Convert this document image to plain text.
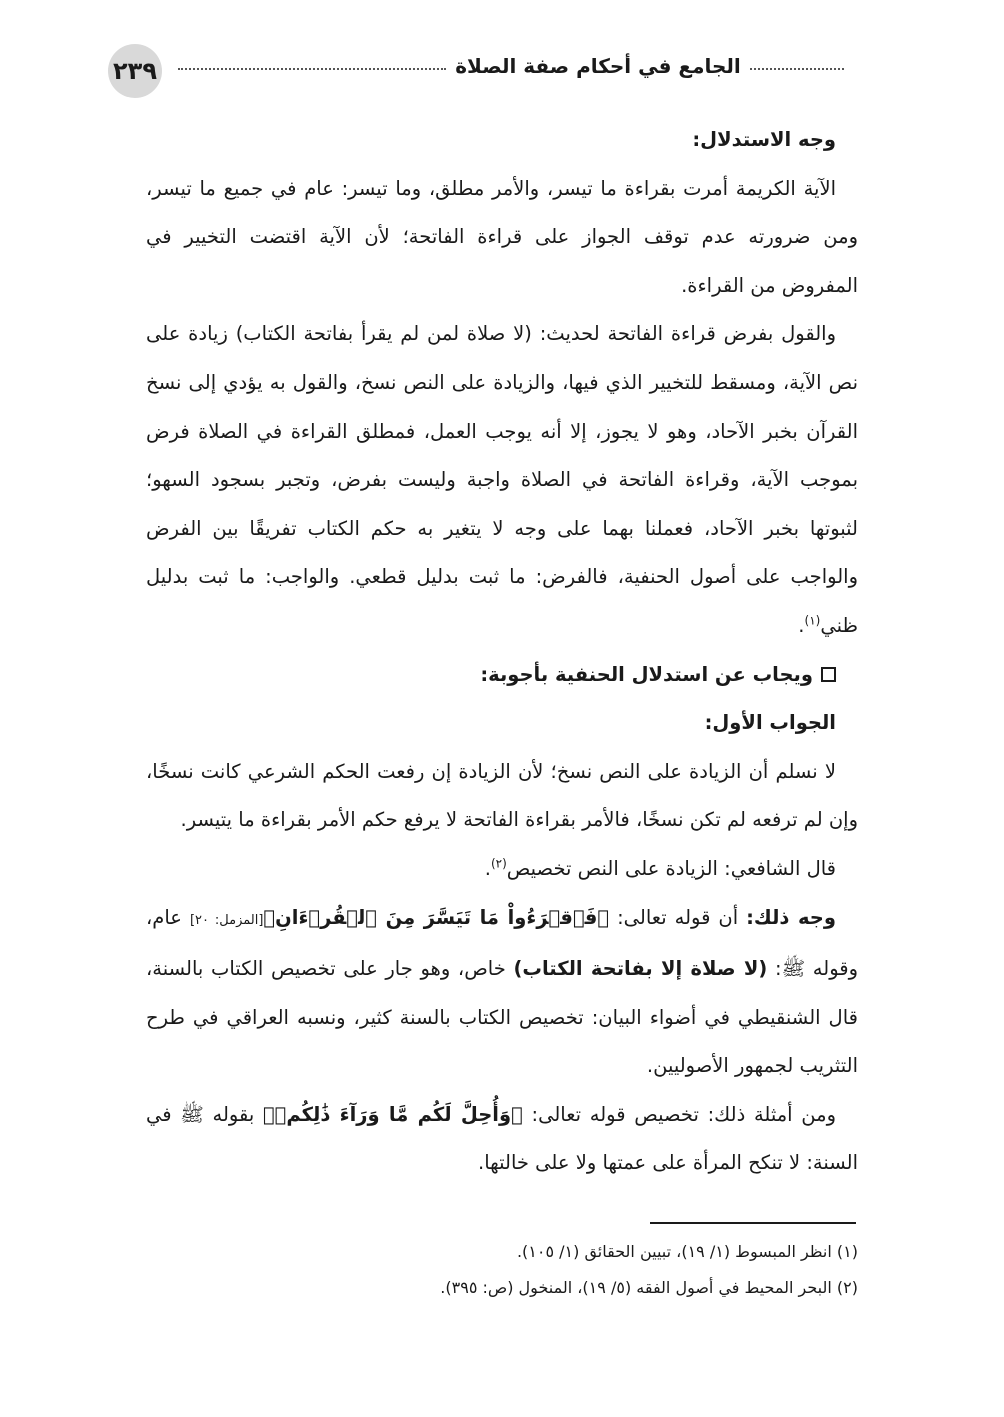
٢٣٩	الجامع في أحكام صفة الصلاة

وجه الاستدلال:

الآية الكريمة أمرت بقراءة ما تيسر، والأمر مطلق، وما تيسر: عام في جميع ما تيسر، ومن ضرورته عدم توقف الجواز على قراءة الفاتحة؛ لأن الآية اقتضت التخيير في المفروض من القراءة.

والقول بفرض قراءة الفاتحة لحديث: (لا صلاة لمن لم يقرأ بفاتحة الكتاب) زيادة على نص الآية، ومسقط للتخيير الذي فيها، والزيادة على النص نسخ، والقول به يؤدي إلى نسخ القرآن بخبر الآحاد، وهو لا يجوز، إلا أنه يوجب العمل، فمطلق القراءة في الصلاة فرض بموجب الآية، وقراءة الفاتحة في الصلاة واجبة وليست بفرض، وتجبر بسجود السهو؛ لثبوتها بخبر الآحاد، فعملنا بهما على وجه لا يتغير به حكم الكتاب تفريقًا بين الفرض والواجب على أصول الحنفية، فالفرض: ما ثبت بدليل قطعي. والواجب: ما ثبت بدليل ظني$^{(١)}$.

ويجاب عن استدلال الحنفية بأجوبة:

الجواب الأول:

لا نسلم أن الزيادة على النص نسخ؛ لأن الزيادة إن رفعت الحكم الشرعي كانت نسخًا، وإن لم ترفعه لم تكن نسخًا، فالأمر بقراءة الفاتحة لا يرفع حكم الأمر بقراءة ما يتيسر.

قال الشافعي: الزيادة على النص تخصيص$^{(٢)}$.

وجه ذلك: أن قوله تعالى: ﴿فَٱقۡرَءُواْ مَا تَيَسَّرَ مِنَ ٱلۡقُرۡءَانِ﴾[المزمل: ٢٠] عام، وقوله ﷺ: (لا صلاة إلا بفاتحة الكتاب) خاص، وهو جار على تخصيص الكتاب بالسنة، قال الشنقيطي في أضواء البيان: تخصيص الكتاب بالسنة كثير، ونسبه العراقي في طرح التثريب لجمهور الأصوليين.

ومن أمثلة ذلك: تخصيص قوله تعالى: ﴿وَأُحِلَّ لَكُم مَّا وَرَآءَ ذَٰلِكُمۡ﴾ بقوله ﷺ في السنة: لا تنكح المرأة على عمتها ولا على خالتها.

(١) انظر المبسوط (١/ ١٩)، تبيين الحقائق (١/ ١٠٥).

(٢) البحر المحيط في أصول الفقه (٥/ ١٩)، المنخول (ص: ٣٩٥).
